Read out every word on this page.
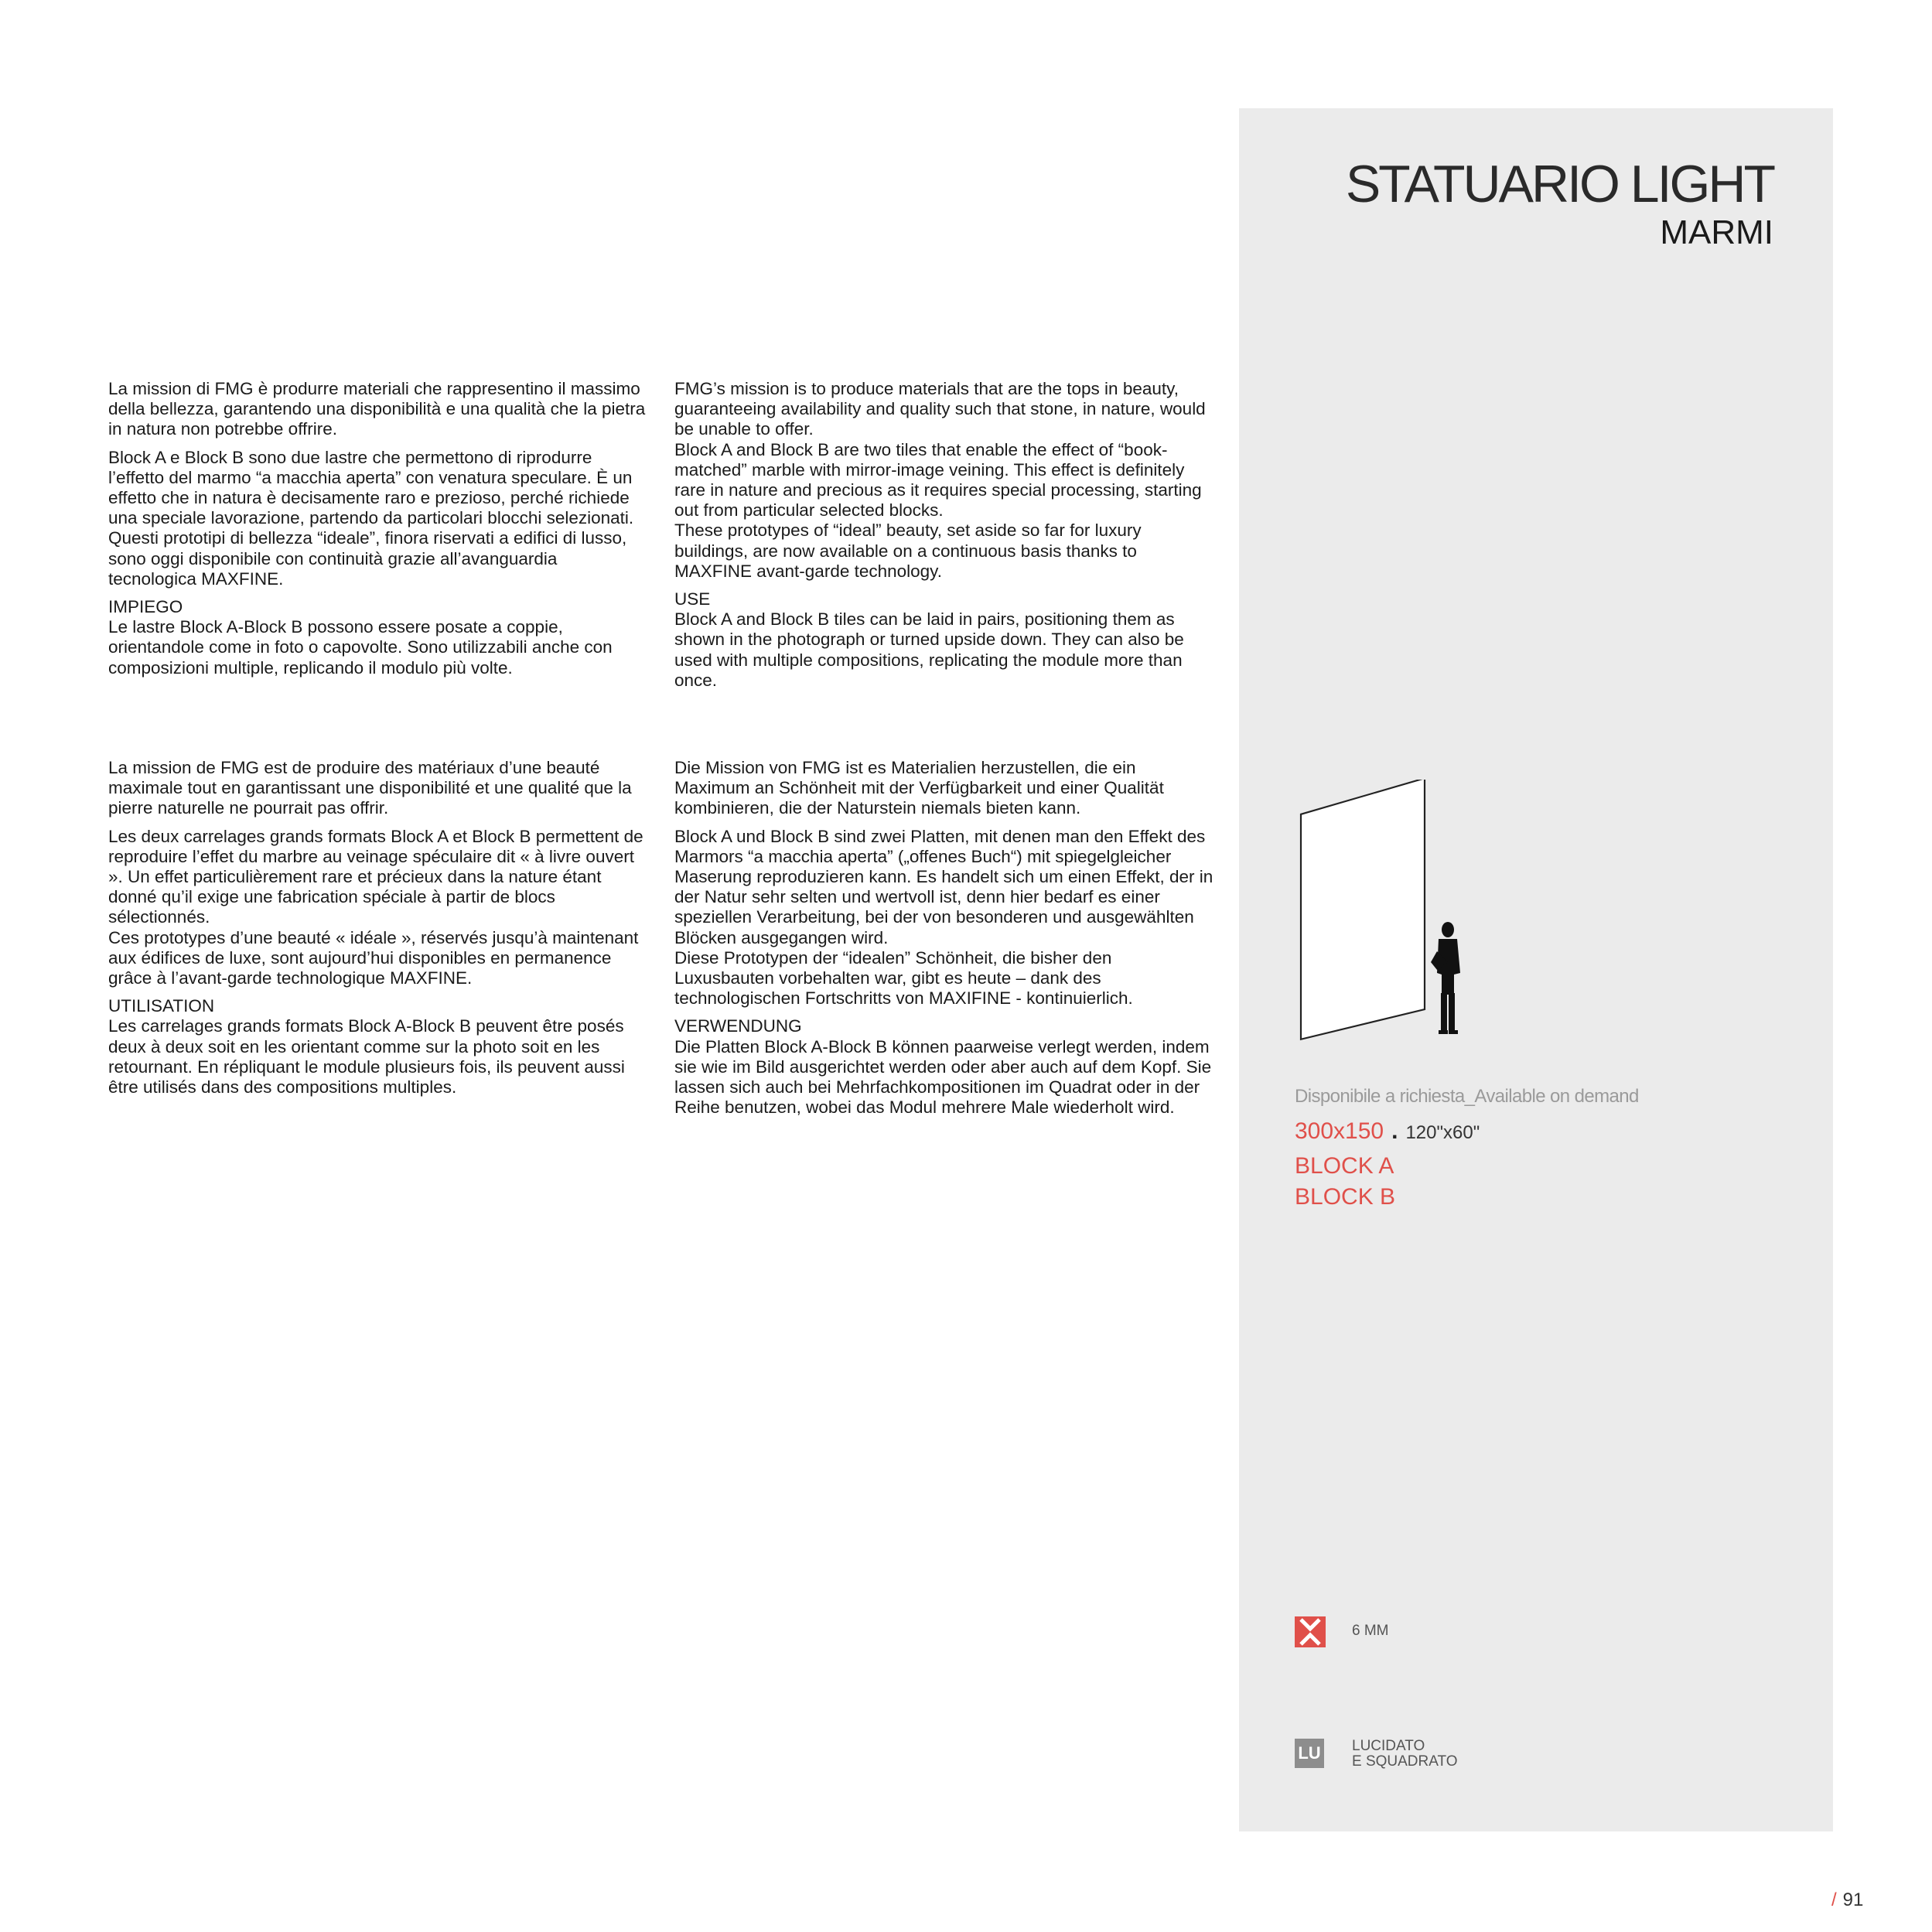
La mission di FMG è produrre materiali che rappresentino il massimo della bellezza, garantendo una disponibilità e una qualità che la pietra in natura non potrebbe offrire.

Block A e Block B sono due lastre che permettono di riprodurre l’effetto del marmo “a macchia aperta” con venatura speculare. È un effetto che in natura è decisamente raro e prezioso, perché richiede una speciale lavorazione, partendo da particolari blocchi selezionati.

Questi prototipi di bellezza “ideale”, finora riservati a edifici di lusso, sono oggi disponibile con continuità grazie all’avanguardia tecnologica MAXFINE.

IMPIEGO

Le lastre Block A-Block B possono essere posate a coppie, orientandole come in foto o capovolte. Sono utilizzabili anche con composizioni multiple, replicando il modulo più volte.

FMG’s mission is to produce materials that are the tops in beauty, guaranteeing availability and quality such that stone, in nature, would be unable to offer.

Block A and Block B are two tiles that enable the effect of “book-matched” marble with mirror-image veining. This effect is definitely rare in nature and precious as it requires special processing, starting out from particular selected blocks.

These prototypes of “ideal” beauty, set aside so far for luxury buildings, are now available on a continuous basis thanks to MAXFINE avant-garde technology.

USE

Block A and Block B tiles can be laid in pairs, positioning them as shown in the photograph or turned upside down. They can also be used with multiple compositions, replicating the module more than once.

La mission de FMG est de produire des matériaux d’une beauté maximale tout en garantissant une disponibilité et une qualité que la pierre naturelle ne pourrait pas offrir.

Les deux carrelages grands formats Block A et Block B permettent de reproduire l’effet du marbre au veinage spéculaire dit « à livre ouvert ». Un effet particulièrement rare et précieux dans la nature étant donné qu’il exige une fabrication spéciale à partir de blocs sélectionnés.

Ces prototypes d’une beauté « idéale », réservés jusqu’à maintenant aux édifices de luxe, sont aujourd’hui disponibles en permanence grâce à l’avant-garde technologique MAXFINE.

UTILISATION

Les carrelages grands formats Block A-Block B peuvent être posés deux à deux soit en les orientant comme sur la photo soit en les retournant. En répliquant le module plusieurs fois, ils peuvent aussi être utilisés dans des compositions multiples.

Die Mission von FMG ist es Materialien herzustellen, die ein Maximum an Schönheit mit der Verfügbarkeit und einer Qualität kombinieren, die der Naturstein niemals bieten kann.

Block A und Block B sind zwei Platten, mit denen man den Effekt des Marmors “a macchia aperta” („offenes Buch“) mit spiegelgleicher Maserung reproduzieren kann. Es handelt sich um einen Effekt, der in der Natur sehr selten und wertvoll ist, denn hier bedarf es einer speziellen Verarbeitung, bei der von besonderen und ausgewählten Blöcken ausgegangen wird.

Diese Prototypen der “idealen” Schönheit, die bisher den Luxusbauten vorbehalten war, gibt es heute – dank des technologischen Fortschritts von MAXIFINE - kontinuierlich.

VERWENDUNG

Die Platten Block A-Block B können paarweise verlegt werden, indem sie wie im Bild ausgerichtet werden oder aber auch auf dem Kopf. Sie lassen sich auch bei Mehrfachkompositionen im Quadrat oder in der Reihe benutzen, wobei das Modul mehrere Male wiederholt wird.

STATUARIO LIGHT
MARMI
Disponibile a richiesta_Available on demand
300x150 . 120"x60"
BLOCK A
BLOCK B
6 MM
LU LUCIDATO
E SQUADRATO
/ 91
